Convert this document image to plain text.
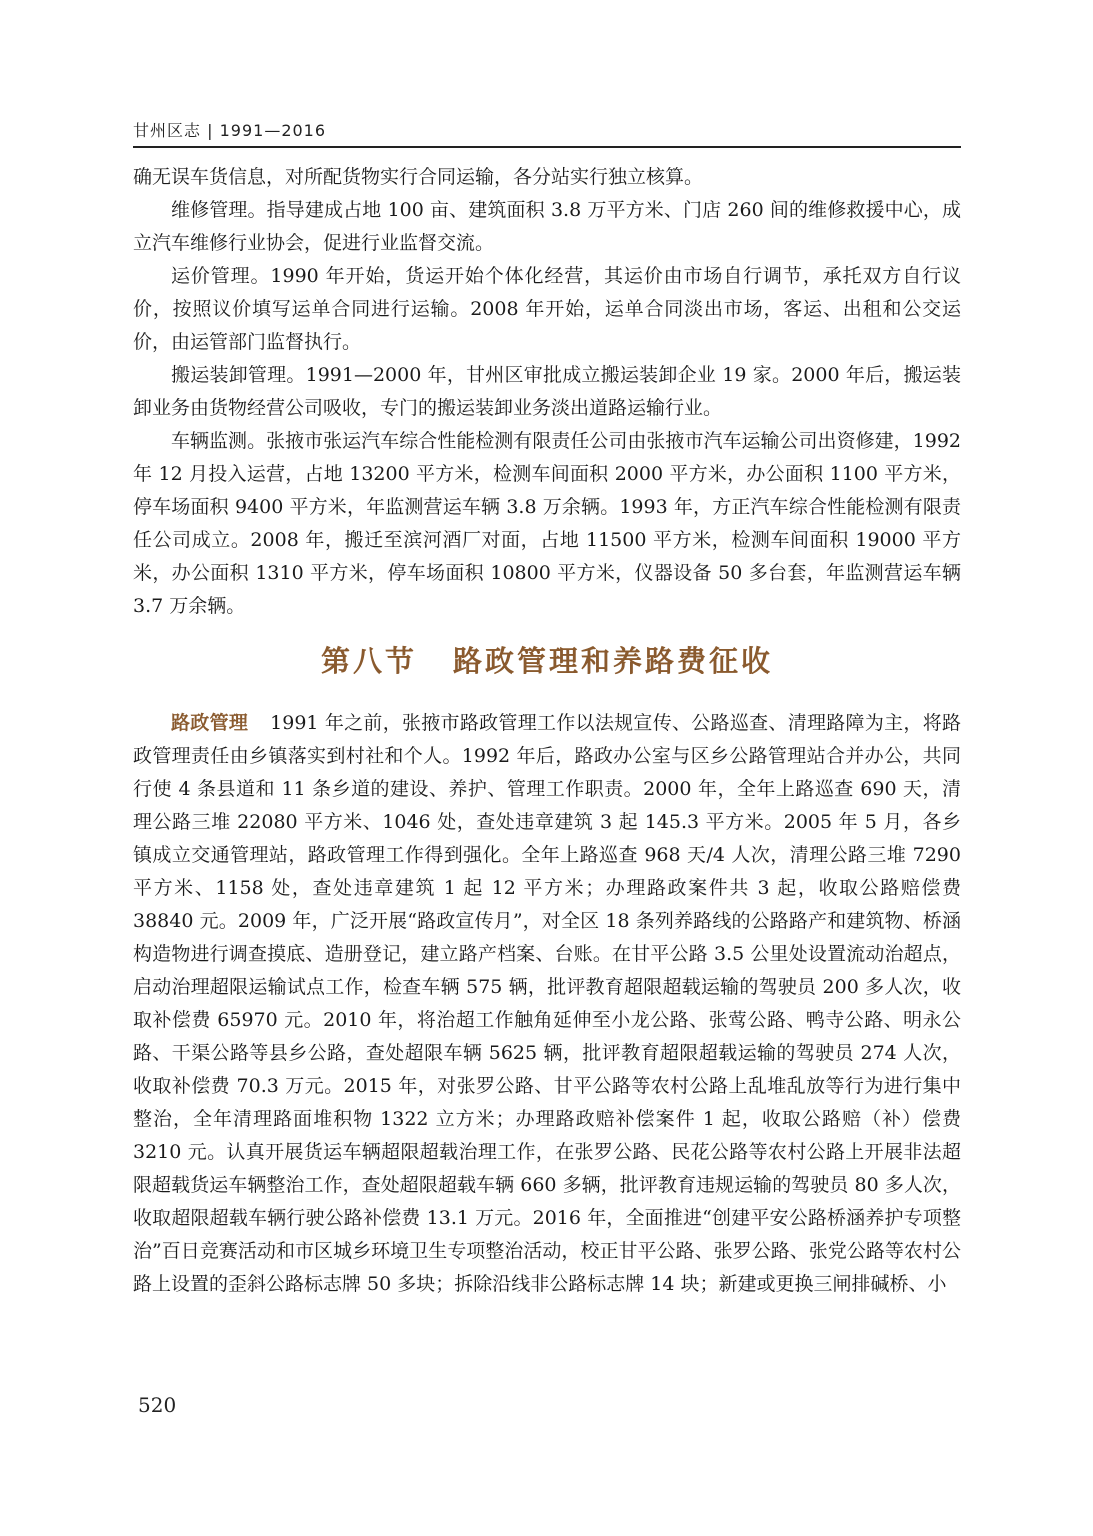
甘州区志 | 1991—2016

确无误车货信息，对所配货物实行合同运输，各分站实行独立核算。

维修管理。指导建成占地 100 亩、建筑面积 3.8 万平方米、门店 260 间的维修救援中心，成立汽车维修行业协会，促进行业监督交流。

运价管理。1990 年开始，货运开始个体化经营，其运价由市场自行调节，承托双方自行议价，按照议价填写运单合同进行运输。2008 年开始，运单合同淡出市场，客运、出租和公交运价，由运管部门监督执行。

搬运装卸管理。1991—2000 年，甘州区审批成立搬运装卸企业 19 家。2000 年后，搬运装卸业务由货物经营公司吸收，专门的搬运装卸业务淡出道路运输行业。

车辆监测。张掖市张运汽车综合性能检测有限责任公司由张掖市汽车运输公司出资修建，1992 年 12 月投入运营，占地 13200 平方米，检测车间面积 2000 平方米，办公面积 1100 平方米，停车场面积 9400 平方米，年监测营运车辆 3.8 万余辆。1993 年，方正汽车综合性能检测有限责任公司成立。2008 年，搬迁至滨河酒厂对面，占地 11500 平方米，检测车间面积 19000 平方米，办公面积 1310 平方米，停车场面积 10800 平方米，仪器设备 50 多台套，年监测营运车辆 3.7 万余辆。

第八节 路政管理和养路费征收

路政管理 1991 年之前，张掖市路政管理工作以法规宣传、公路巡查、清理路障为主，将路政管理责任由乡镇落实到村社和个人。1992 年后，路政办公室与区乡公路管理站合并办公，共同行使 4 条县道和 11 条乡道的建设、养护、管理工作职责。2000 年，全年上路巡查 690 天，清理公路三堆 22080 平方米、1046 处，查处违章建筑 3 起 145.3 平方米。2005 年 5 月，各乡镇成立交通管理站，路政管理工作得到强化。全年上路巡查 968 天/4 人次，清理公路三堆 7290 平方米、1158 处，查处违章建筑 1 起 12 平方米；办理路政案件共 3 起，收取公路赔偿费 38840 元。2009 年，广泛开展“路政宣传月”，对全区 18 条列养路线的公路路产和建筑物、桥涵构造物进行调查摸底、造册登记，建立路产档案、台账。在甘平公路 3.5 公里处设置流动治超点，启动治理超限运输试点工作，检查车辆 575 辆，批评教育超限超载运输的驾驶员 200 多人次，收取补偿费 65970 元。2010 年，将治超工作触角延伸至小龙公路、张莺公路、鸭寺公路、明永公路、干渠公路等县乡公路，查处超限车辆 5625 辆，批评教育超限超载运输的驾驶员 274 人次，收取补偿费 70.3 万元。2015 年，对张罗公路、甘平公路等农村公路上乱堆乱放等行为进行集中整治，全年清理路面堆积物 1322 立方米；办理路政赔补偿案件 1 起，收取公路赔（补）偿费 3210 元。认真开展货运车辆超限超载治理工作，在张罗公路、民花公路等农村公路上开展非法超限超载货运车辆整治工作，查处超限超载车辆 660 多辆，批评教育违规运输的驾驶员 80 多人次，收取超限超载车辆行驶公路补偿费 13.1 万元。2016 年，全面推进“创建平安公路桥涵养护专项整治”百日竞赛活动和市区城乡环境卫生专项整治活动，校正甘平公路、张罗公路、张党公路等农村公路上设置的歪斜公路标志牌 50 多块；拆除沿线非公路标志牌 14 块；新建或更换三闸排碱桥、小

520
